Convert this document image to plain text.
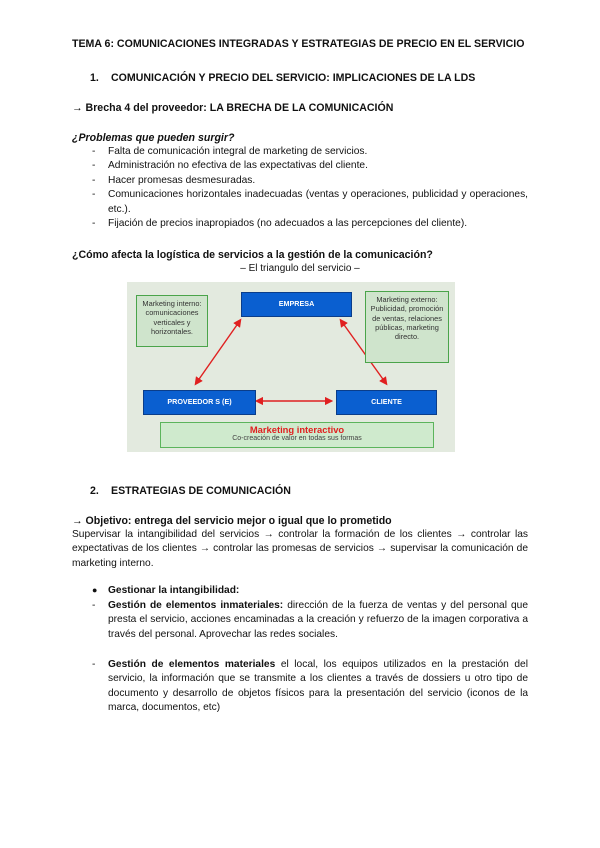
TEMA 6: COMUNICACIONES INTEGRADAS Y ESTRATEGIAS DE PRECIO EN EL SERVICIO
1. COMUNICACIÓN Y PRECIO DEL SERVICIO: IMPLICACIONES DE LA LDS
→ Brecha 4 del proveedor: LA BRECHA DE LA COMUNICACIÓN
¿Problemas que pueden surgir?
- Falta de comunicación integral de marketing de servicios.
- Administración no efectiva de las expectativas del cliente.
- Hacer promesas desmesuradas.
- Comunicaciones horizontales inadecuadas (ventas y operaciones, publicidad y operaciones, etc.).
- Fijación de precios inapropiados (no adecuados a las percepciones del cliente).
¿Cómo afecta la logística de servicios a la gestión de la comunicación?
– El triangulo del servicio –
Marketing interno: comunicaciones verticales y horizontales.
Marketing externo: Publicidad, promoción de ventas, relaciones públicas, marketing directo.
EMPRESA
PROVEEDOR S (E)	CLIENTE
Marketing interactivo
Co-creación de valor en todas sus formas
2. ESTRATEGIAS DE COMUNICACIÓN
→ Objetivo: entrega del servicio mejor o igual que lo prometido
Supervisar la intangibilidad del servicios → controlar la formación de los clientes → controlar las expectativas de los clientes → controlar las promesas de servicios → supervisar la comunicación de marketing interno.
● Gestionar la intangibilidad:
- Gestión de elementos inmateriales: dirección de la fuerza de ventas y del personal que presta el servicio, acciones encaminadas a la creación y refuerzo de la imagen corporativa a través del personal. Aprovechar las redes sociales.
- Gestión de elementos materiales el local, los equipos utilizados en la prestación del servicio, la información que se transmite a los clientes a través de dossiers u otro tipo de documento y desarrollo de objetos físicos para la presentación del servicio (iconos de la marca, documentos, etc)
